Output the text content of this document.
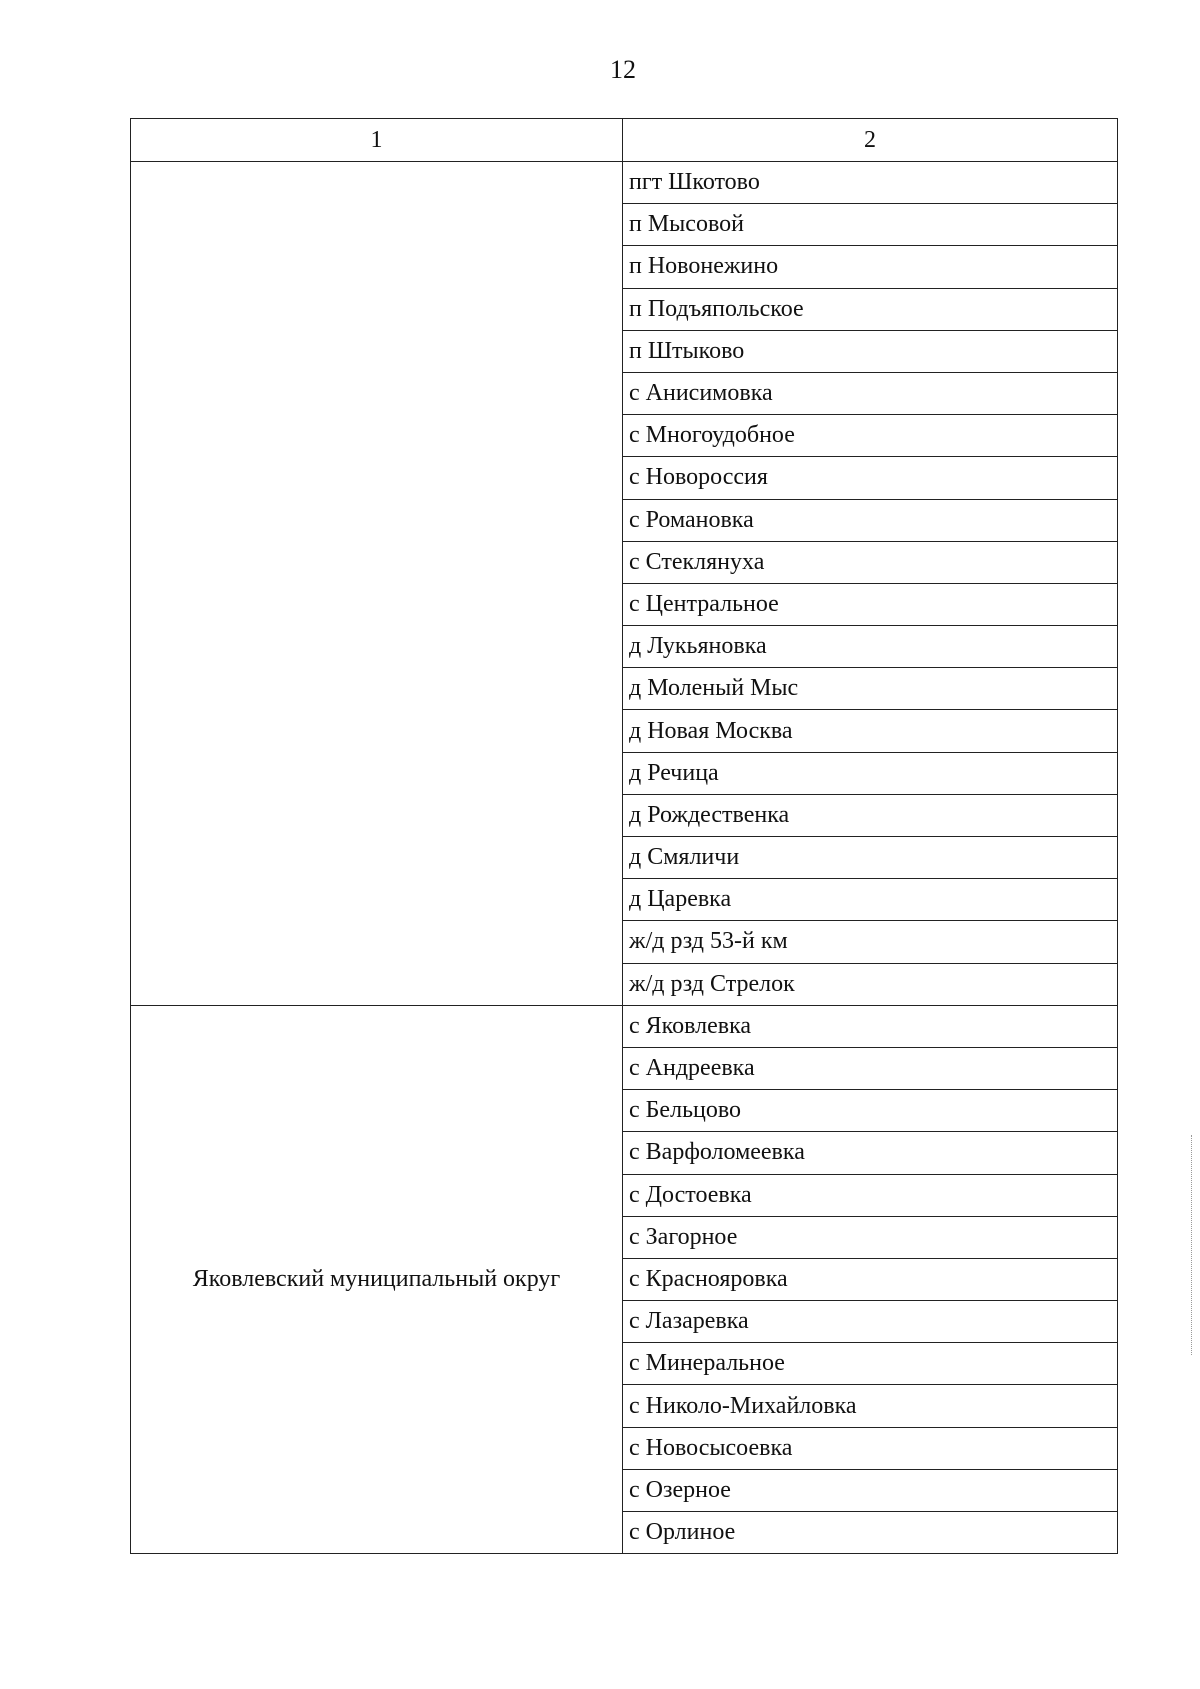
12
1	2
	пгт Шкотово
	п Мысовой
	п Новонежино
	п Подъяпольское
	п Штыково
	с Анисимовка
	с Многоудобное
	с Новороссия
	с Романовка
	с Стеклянуха
	с Центральное
	д Лукьяновка
	д Моленый Мыс
	д Новая Москва
	д Речица
	д Рождественка
	д Смяличи
	д Царевка
	ж/д рзд 53-й км
	ж/д рзд Стрелок
Яковлевский муниципальный округ	с Яковлевка
	с Андреевка
	с Бельцово
	с Варфоломеевка
	с Достоевка
	с Загорное
	с Краснояровка
	с Лазаревка
	с Минеральное
	с Николо-Михайловка
	с Новосысоевка
	с Озерное
	с Орлиное
